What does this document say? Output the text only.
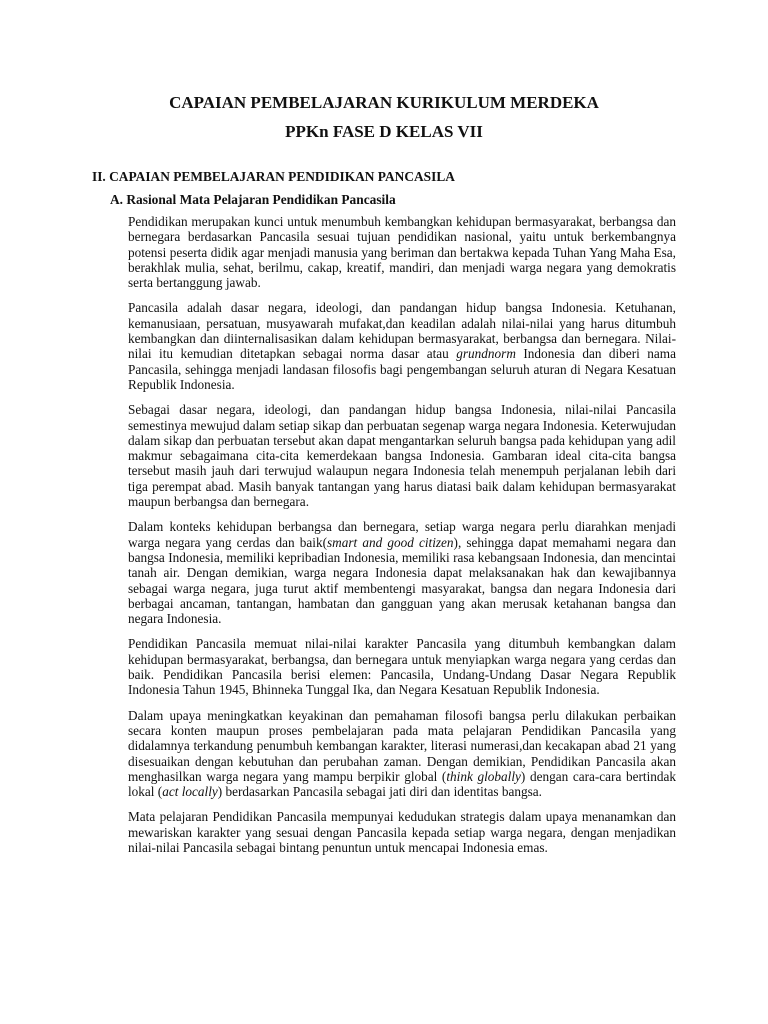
CAPAIAN PEMBELAJARAN KURIKULUM MERDEKA
PPKn FASE D KELAS VII
II. CAPAIAN PEMBELAJARAN PENDIDIKAN PANCASILA
A. Rasional Mata Pelajaran Pendidikan Pancasila

Pendidikan merupakan kunci untuk menumbuh kembangkan kehidupan bermasyarakat, berbangsa dan bernegara berdasarkan Pancasila sesuai tujuan pendidikan nasional, yaitu untuk berkembangnya potensi peserta didik agar menjadi manusia yang beriman dan bertakwa kepada Tuhan Yang Maha Esa, berakhlak mulia, sehat, berilmu, cakap, kreatif, mandiri, dan menjadi warga negara yang demokratis serta bertanggung jawab.

Pancasila adalah dasar negara, ideologi, dan pandangan hidup bangsa Indonesia. Ketuhanan, kemanusiaan, persatuan, musyawarah mufakat,dan keadilan adalah nilai-nilai yang harus ditumbuh kembangkan dan diinternalisasikan dalam kehidupan bermasyarakat, berbangsa dan bernegara. Nilai-nilai itu kemudian ditetapkan sebagai norma dasar atau grundnorm Indonesia dan diberi nama Pancasila, sehingga menjadi landasan filosofis bagi pengembangan seluruh aturan di Negara Kesatuan Republik Indonesia.

Sebagai dasar negara, ideologi, dan pandangan hidup bangsa Indonesia, nilai-nilai Pancasila semestinya mewujud dalam setiap sikap dan perbuatan segenap warga negara Indonesia. Keterwujudan dalam sikap dan perbuatan tersebut akan dapat mengantarkan seluruh bangsa pada kehidupan yang adil makmur sebagaimana cita-cita kemerdekaan bangsa Indonesia. Gambaran ideal cita-cita bangsa tersebut masih jauh dari terwujud walaupun negara Indonesia telah menempuh perjalanan lebih dari tiga perempat abad. Masih banyak tantangan yang harus diatasi baik dalam kehidupan bermasyarakat maupun berbangsa dan bernegara.

Dalam konteks kehidupan berbangsa dan bernegara, setiap warga negara perlu diarahkan menjadi warga negara yang cerdas dan baik(smart and good citizen), sehingga dapat memahami negara dan bangsa Indonesia, memiliki kepribadian Indonesia, memiliki rasa kebangsaan Indonesia, dan mencintai tanah air. Dengan demikian, warga negara Indonesia dapat melaksanakan hak dan kewajibannya sebagai warga negara, juga turut aktif membentengi masyarakat, bangsa dan negara Indonesia dari berbagai ancaman, tantangan, hambatan dan gangguan yang akan merusak ketahanan bangsa dan negara Indonesia.

Pendidikan Pancasila memuat nilai-nilai karakter Pancasila yang ditumbuh kembangkan dalam kehidupan bermasyarakat, berbangsa, dan bernegara untuk menyiapkan warga negara yang cerdas dan baik. Pendidikan Pancasila berisi elemen: Pancasila, Undang-Undang Dasar Negara Republik Indonesia Tahun 1945, Bhinneka Tunggal Ika, dan Negara Kesatuan Republik Indonesia.

Dalam upaya meningkatkan keyakinan dan pemahaman filosofi bangsa perlu dilakukan perbaikan secara konten maupun proses pembelajaran pada mata pelajaran Pendidikan Pancasila yang didalamnya terkandung penumbuh kembangan karakter, literasi numerasi,dan kecakapan abad 21 yang disesuaikan dengan kebutuhan dan perubahan zaman. Dengan demikian, Pendidikan Pancasila akan menghasilkan warga negara yang mampu berpikir global (think globally) dengan cara-cara bertindak lokal (act locally) berdasarkan Pancasila sebagai jati diri dan identitas bangsa.

Mata pelajaran Pendidikan Pancasila mempunyai kedudukan strategis dalam upaya menanamkan dan mewariskan karakter yang sesuai dengan Pancasila kepada setiap warga negara, dengan menjadikan nilai-nilai Pancasila sebagai bintang penuntun untuk mencapai Indonesia emas.
